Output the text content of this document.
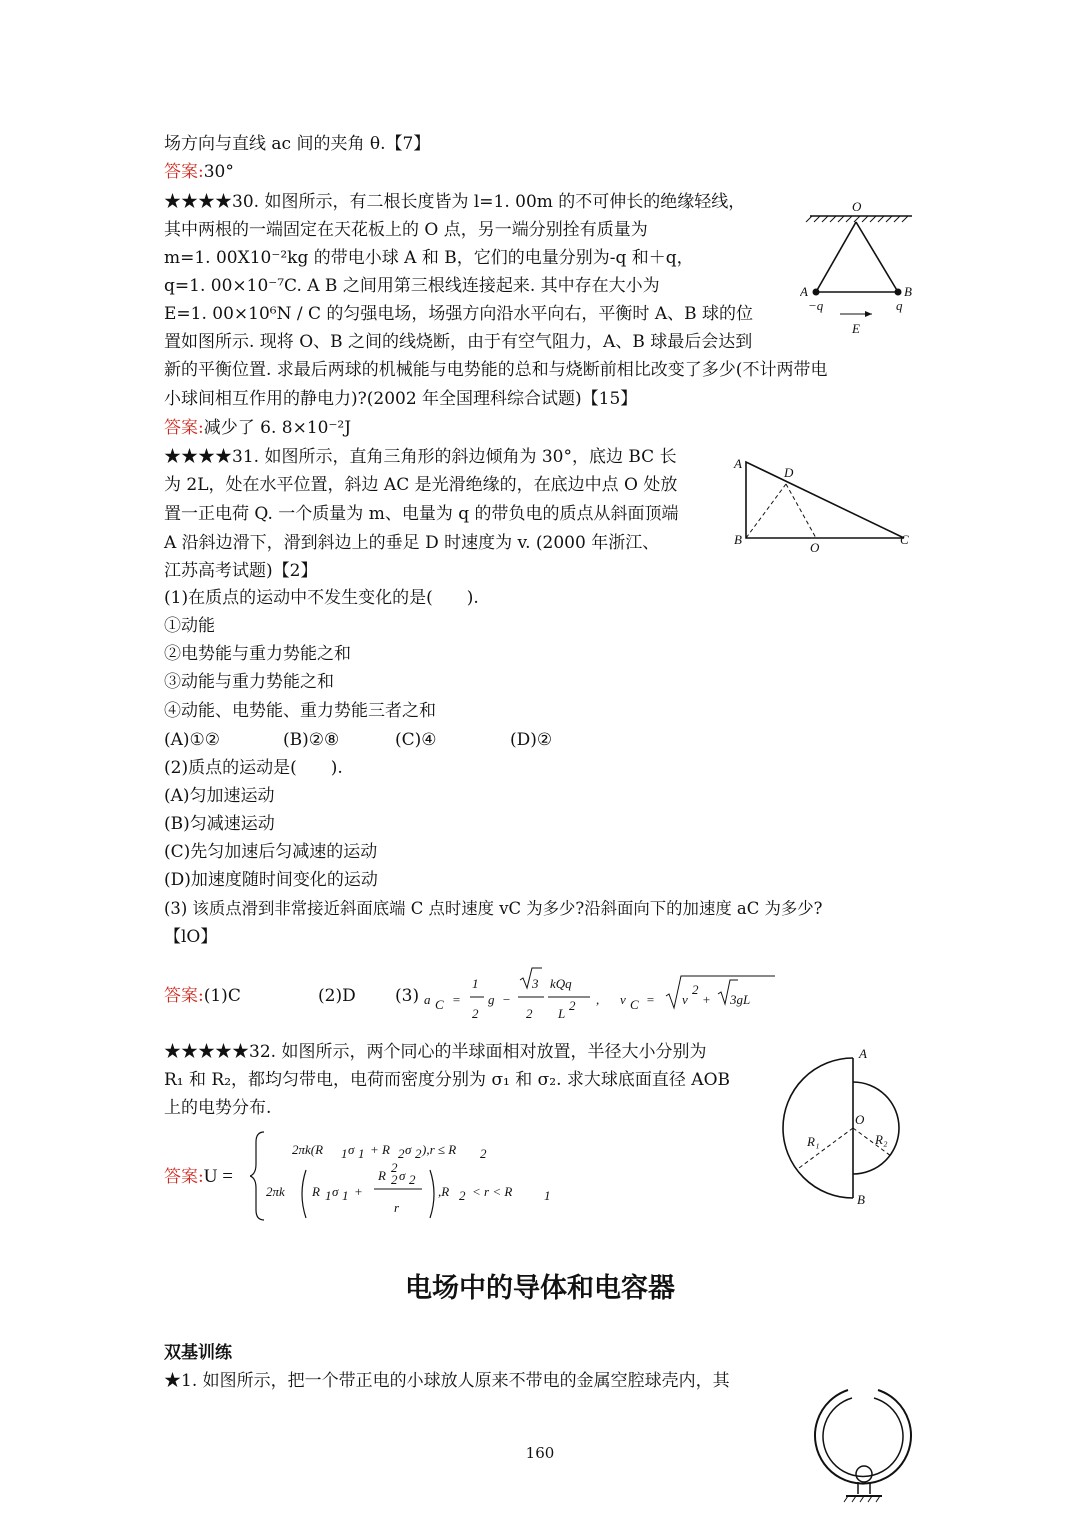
场方向与直线 ac 间的夹角 θ.【7】
答案:30°
★★★★30. 如图所示，有二根长度皆为 l=1. 00m 的不可伸长的绝缘轻线，
其中两根的一端固定在天花板上的 O 点，另一端分别拴有质量为
m=1. 00X10⁻²kg 的带电小球 A 和 B，它们的电量分别为-q 和＋q，
q=1. 00×10⁻⁷C. A B 之间用第三根线连接起来. 其中存在大小为
E=1. 00×10⁶N / C 的匀强电场，场强方向沿水平向右，平衡时 A、B 球的位
置如图所示. 现将 O、B 之间的线烧断，由于有空气阻力，A、B 球最后会达到
新的平衡位置. 求最后两球的机械能与电势能的总和与烧断前相比改变了多少(不计两带电
小球间相互作用的静电力)?(2002 年全国理科综合试题)【15】
答案:减少了 6. 8×10⁻²J
O
A	B
−q	q
E
★★★★31. 如图所示，直角三角形的斜边倾角为 30°，底边 BC 长
为 2L，处在水平位置，斜边 AC 是光滑绝缘的，在底边中点 O 处放
置一正电荷 Q. 一个质量为 m、电量为 q 的带负电的质点从斜面顶端
A 沿斜边滑下，滑到斜边上的垂足 D 时速度为 v. (2000 年浙江、
江苏高考试题)【2】
(1)在质点的运动中不发生变化的是(　　).
①动能
②电势能与重力势能之和
③动能与重力势能之和
④动能、电势能、重力势能三者之和
(A)①②	(B)②⑧	(C)④	(D)②
(2)质点的运动是(　　).
(A)匀加速运动
(B)匀减速运动
(C)先匀加速后匀减速的运动
(D)加速度随时间变化的运动
(3) 该质点滑到非常接近斜面底端 C 点时速度 vC 为多少?沿斜面向下的加速度 aC 为多少?
【lO】
答案:(1)C	(2)D (3) a C =
1
2
g −
3
2
kQq
L
2 , v C = v
2
+ 3gL
A
D
B
O
C
★★★★★32. 如图所示，两个同心的半球面相对放置，半径大小分别为
R₁ 和 R₂，都均匀带电，电荷而密度分别为 σ₁ 和 σ₂. 求大球底面直径 AOB
上的电势分布.
答案:U =
2πk(R 1 σ 1 + R 2 σ 2 ),r ≤ R 2
2πk R 1 σ 1 +
R
2
2 σ 2
r
,R 2 < r < R 1
A
O
R₁	R₂
B
电场中的导体和电容器
双基训练
★1. 如图所示，把一个带正电的小球放人原来不带电的金属空腔球壳内，其
160
